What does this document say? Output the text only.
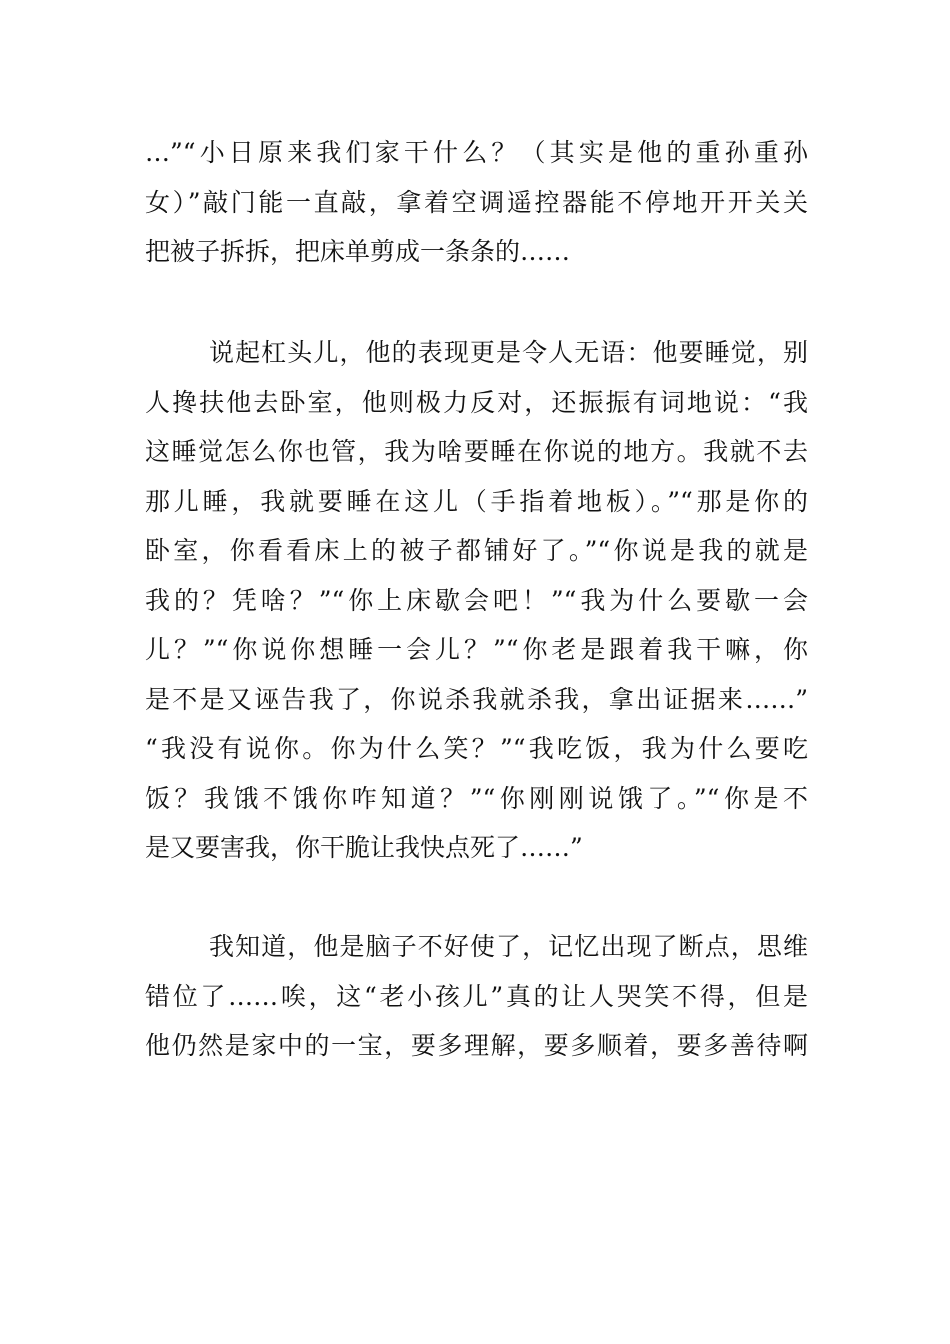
…”“小日原来我们家干什么？（其实是他的重孙重孙
女）”敲门能一直敲，拿着空调遥控器能不停地开开关关
把被子拆拆，把床单剪成一条条的……
说起杠头儿，他的表现更是令人无语：他要睡觉，别
人搀扶他去卧室，他则极力反对，还振振有词地说：“我
这睡觉怎么你也管，我为啥要睡在你说的地方。我就不去
那儿睡，我就要睡在这儿（手指着地板）。”“那是你的
卧室，你看看床上的被子都铺好了。”“你说是我的就是
我的？凭啥？”“你上床歇会吧！”“我为什么要歇一会
儿？”“你说你想睡一会儿？”“你老是跟着我干嘛，你
是不是又诬告我了，你说杀我就杀我，拿出证据来……”
“我没有说你。你为什么笑？”“我吃饭，我为什么要吃
饭？我饿不饿你咋知道？”“你刚刚说饿了。”“你是不
是又要害我，你干脆让我快点死了……”
我知道，他是脑子不好使了，记忆出现了断点，思维
错位了……唉，这“老小孩儿”真的让人哭笑不得，但是
他仍然是家中的一宝，要多理解，要多顺着，要多善待啊
